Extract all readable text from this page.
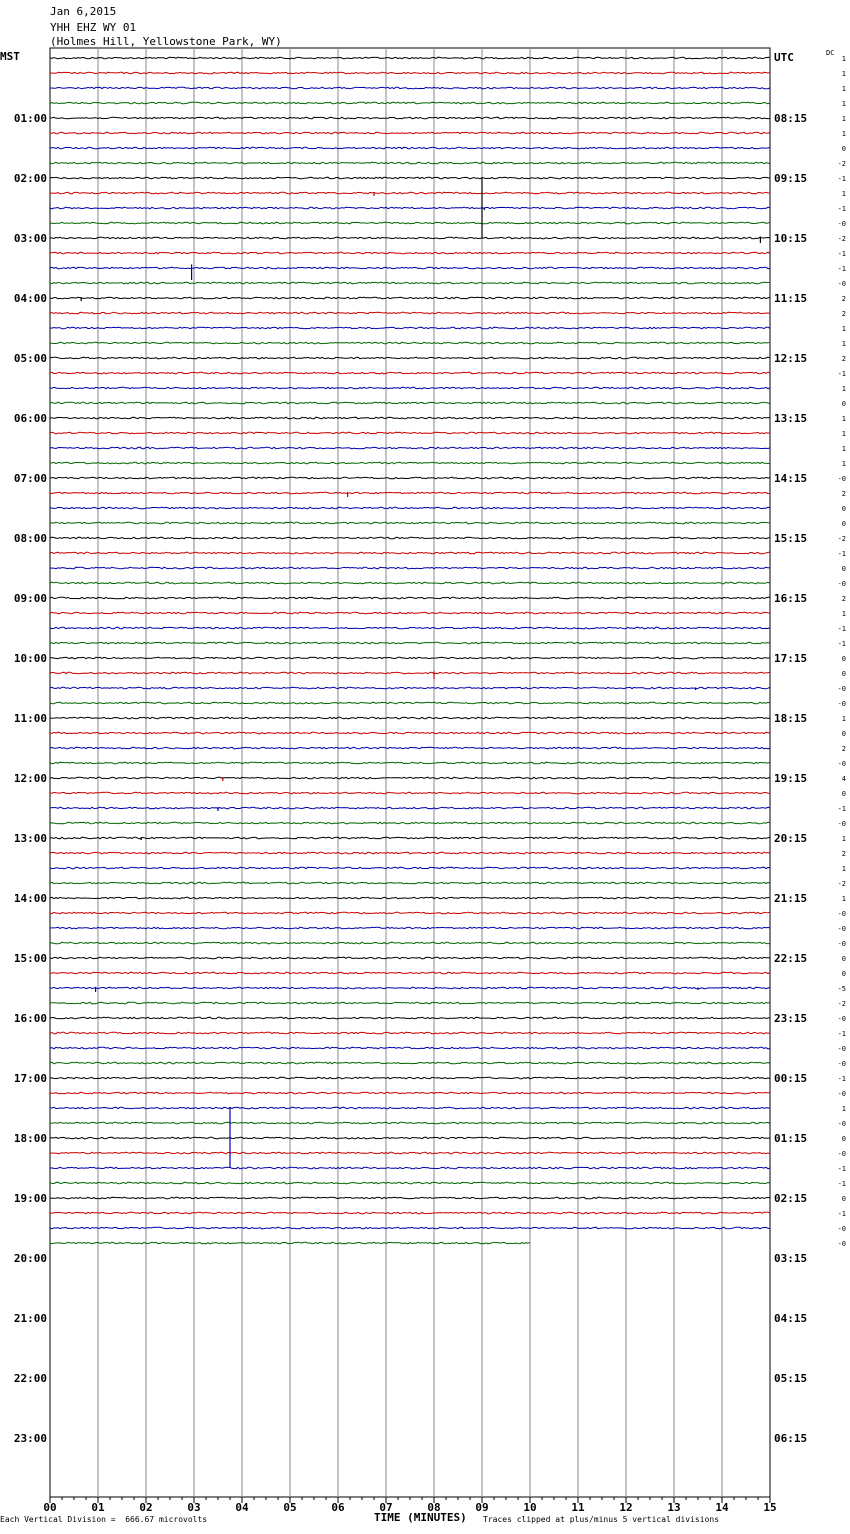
Jan 6,2015
YHH EHZ WY 01
(Holmes Hill, Yellowstone Park, WY)
MST	DC
00	01	02	03	04	05	06	07	08	09	10	11	12	13	14	15
01:00
02:00
03:00
04:00
05:00
06:00
07:00
08:00
09:00
10:00
11:00
12:00
13:00
14:00
15:00
16:00
17:00
18:00
19:00
20:00
21:00
22:00
23:00
UTC
08:15
09:15
10:15
11:15
12:15
13:15
14:15
15:15
16:15
17:15
18:15
19:15
20:15
21:15
22:15
23:15
00:15
01:15
02:15
03:15
04:15
05:15
06:15
1
1
1
1
1
1
0
-2
-1
1
-1
-0
-2
-1
-1
-0
2
2
1
1
2
-1
1
0
1
1
1
1
-0
2
0
0
-2
-1
0
-0
2
1
-1
-1
0
0
-0
-0
1
0
2
-0
4
0
-1
-0
1
2
1
-2
1
-0
-0
-0
0
0
-5
-2
-0
-1
-0
-0
-1
-0
1
-0
0
-0
-1
-1
0
-1
-0
-0
Each Vertical Division =  666.67 microvolts	TIME (MINUTES) Traces clipped at plus/minus 5 vertical divisions
